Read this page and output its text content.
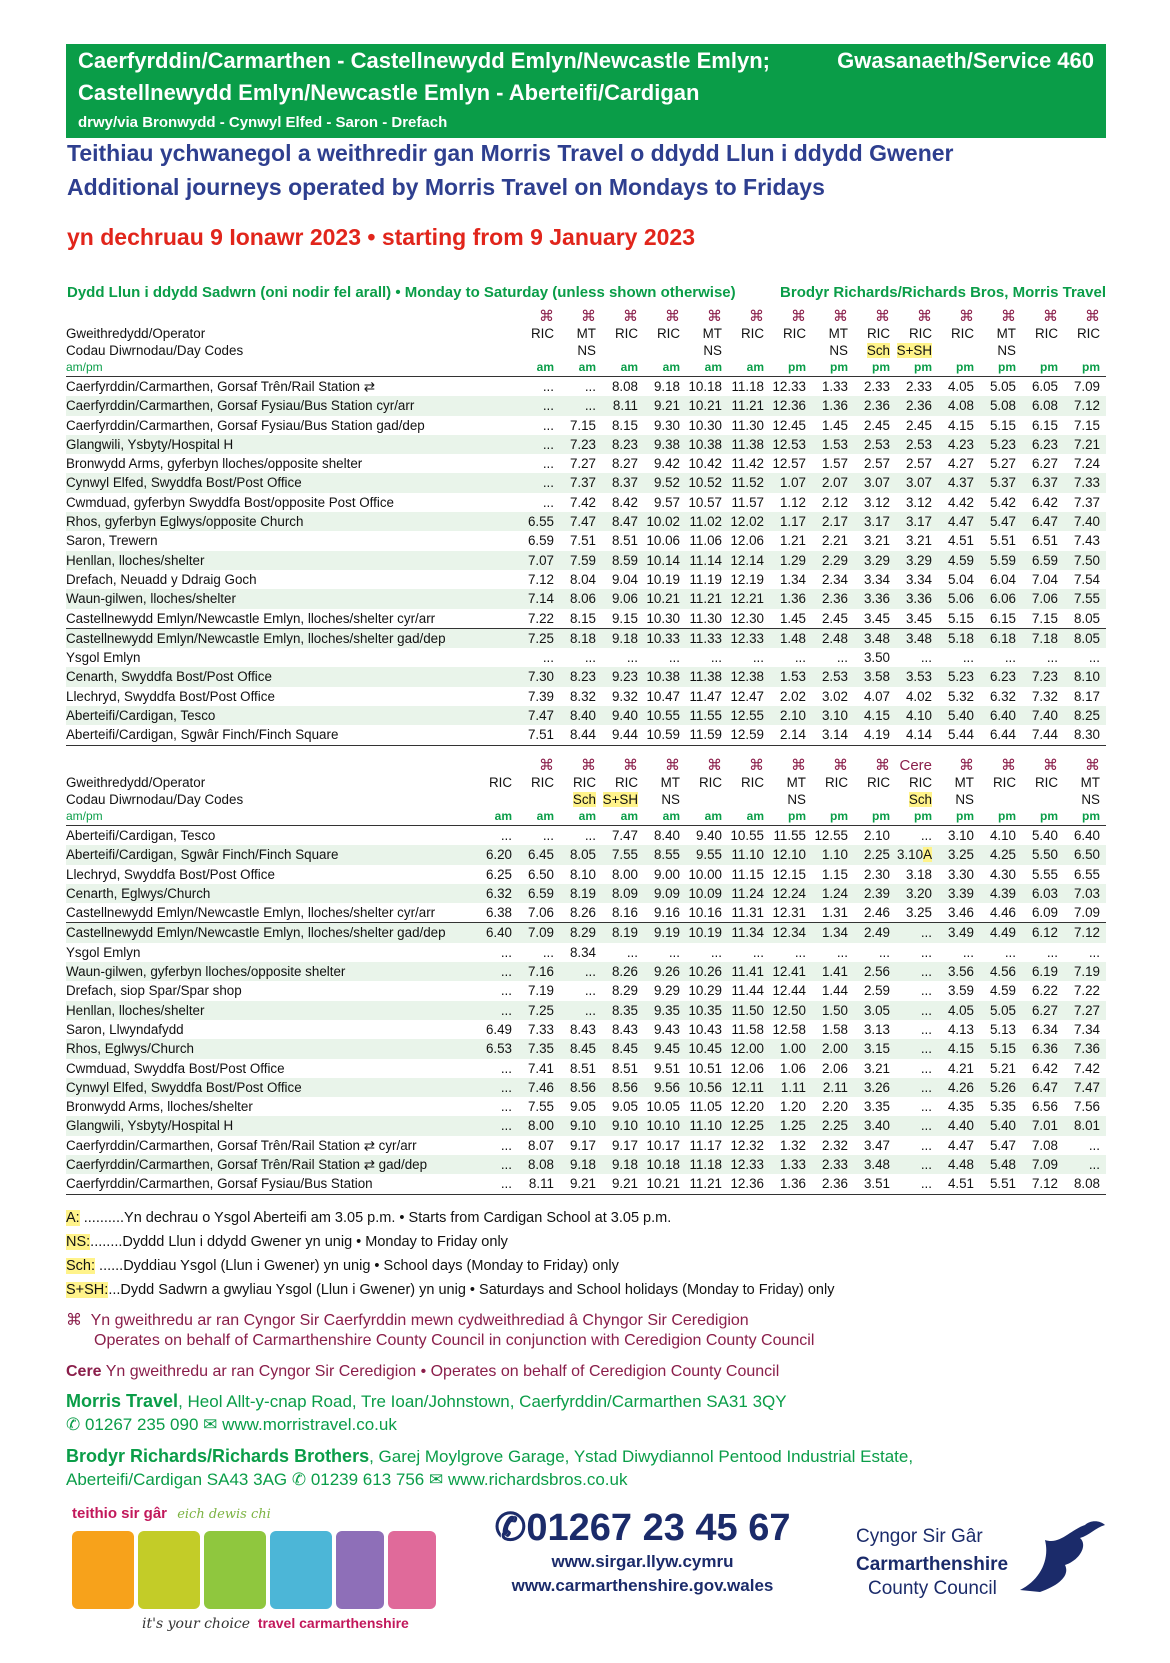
Caerfyrddin/Carmarthen - Castellnewydd Emlyn/Newcastle Emlyn;
Castellnewydd Emlyn/Newcastle Emlyn - Aberteifi/Cardigan
drwy/via Bronwydd - Cynwyl Elfed - Saron - Drefach
Gwasanaeth/Service 460
Teithiau ychwanegol a weithredir gan Morris Travel o ddydd Llun i ddydd Gwener
Additional journeys operated by Morris Travel on Mondays to Fridays
yn dechruau 9 Ionawr 2023 • starting from 9 January 2023
Dydd Llun i ddydd Sadwrn (oni nodir fel arall) • Monday to Saturday (unless shown otherwise)	Brodyr Richards/Richards Bros, Morris Travel
	⌘	⌘	⌘	⌘	⌘	⌘	⌘	⌘	⌘	⌘	⌘	⌘	⌘	⌘
Gweithredydd/Operator	RIC	MT	RIC	RIC	MT	RIC	RIC	MT	RIC	RIC	RIC	MT	RIC	RIC
Codau Diwrnodau/Day Codes		NS			NS			NS	Sch	S+SH		NS		
am/pm	am	am	am	am	am	am	pm	pm	pm	pm	pm	pm	pm	pm
Caerfyrddin/Carmarthen, Gorsaf Trên/Rail Station ⇄	...	...	8.08	9.18	10.18	11.18	12.33	1.33	2.33	2.33	4.05	5.05	6.05	7.09
Caerfyrddin/Carmarthen, Gorsaf Fysiau/Bus Station cyr/arr	...	...	8.11	9.21	10.21	11.21	12.36	1.36	2.36	2.36	4.08	5.08	6.08	7.12
Caerfyrddin/Carmarthen, Gorsaf Fysiau/Bus Station gad/dep	...	7.15	8.15	9.30	10.30	11.30	12.45	1.45	2.45	2.45	4.15	5.15	6.15	7.15
Glangwili, Ysbyty/Hospital H	...	7.23	8.23	9.38	10.38	11.38	12.53	1.53	2.53	2.53	4.23	5.23	6.23	7.21
Bronwydd Arms, gyferbyn lloches/opposite shelter	...	7.27	8.27	9.42	10.42	11.42	12.57	1.57	2.57	2.57	4.27	5.27	6.27	7.24
Cynwyl Elfed, Swyddfa Bost/Post Office	...	7.37	8.37	9.52	10.52	11.52	1.07	2.07	3.07	3.07	4.37	5.37	6.37	7.33
Cwmduad, gyferbyn Swyddfa Bost/opposite Post Office	...	7.42	8.42	9.57	10.57	11.57	1.12	2.12	3.12	3.12	4.42	5.42	6.42	7.37
Rhos, gyferbyn Eglwys/opposite Church	6.55	7.47	8.47	10.02	11.02	12.02	1.17	2.17	3.17	3.17	4.47	5.47	6.47	7.40
Saron, Trewern	6.59	7.51	8.51	10.06	11.06	12.06	1.21	2.21	3.21	3.21	4.51	5.51	6.51	7.43
Henllan, lloches/shelter	7.07	7.59	8.59	10.14	11.14	12.14	1.29	2.29	3.29	3.29	4.59	5.59	6.59	7.50
Drefach, Neuadd y Ddraig Goch	7.12	8.04	9.04	10.19	11.19	12.19	1.34	2.34	3.34	3.34	5.04	6.04	7.04	7.54
Waun-gilwen, lloches/shelter	7.14	8.06	9.06	10.21	11.21	12.21	1.36	2.36	3.36	3.36	5.06	6.06	7.06	7.55
Castellnewydd Emlyn/Newcastle Emlyn, lloches/shelter cyr/arr	7.22	8.15	9.15	10.30	11.30	12.30	1.45	2.45	3.45	3.45	5.15	6.15	7.15	8.05
Castellnewydd Emlyn/Newcastle Emlyn, lloches/shelter gad/dep	7.25	8.18	9.18	10.33	11.33	12.33	1.48	2.48	3.48	3.48	5.18	6.18	7.18	8.05
Ysgol Emlyn	...	...	...	...	...	...	...	...	3.50	...	...	...	...	...
Cenarth, Swyddfa Bost/Post Office	7.30	8.23	9.23	10.38	11.38	12.38	1.53	2.53	3.58	3.53	5.23	6.23	7.23	8.10
Llechryd, Swyddfa Bost/Post Office	7.39	8.32	9.32	10.47	11.47	12.47	2.02	3.02	4.07	4.02	5.32	6.32	7.32	8.17
Aberteifi/Cardigan, Tesco	7.47	8.40	9.40	10.55	11.55	12.55	2.10	3.10	4.15	4.10	5.40	6.40	7.40	8.25
Aberteifi/Cardigan, Sgwâr Finch/Finch Square	7.51	8.44	9.44	10.59	11.59	12.59	2.14	3.14	4.19	4.14	5.44	6.44	7.44	8.30
		⌘	⌘	⌘	⌘	⌘	⌘	⌘	⌘	⌘	Cere	⌘	⌘	⌘	⌘
Gweithredydd/Operator	RIC	RIC	RIC	RIC	MT	RIC	RIC	MT	RIC	RIC	RIC	MT	RIC	RIC	MT
Codau Diwrnodau/Day Codes			Sch	S+SH	NS			NS			Sch	NS			NS
am/pm	am	am	am	am	am	am	am	pm	pm	pm	pm	pm	pm	pm	pm
Aberteifi/Cardigan, Tesco	...	...	...	7.47	8.40	9.40	10.55	11.55	12.55	2.10	...	3.10	4.10	5.40	6.40
Aberteifi/Cardigan, Sgwâr Finch/Finch Square	6.20	6.45	8.05	7.55	8.55	9.55	11.10	12.10	1.10	2.25	3.10A	3.25	4.25	5.50	6.50
Llechryd, Swyddfa Bost/Post Office	6.25	6.50	8.10	8.00	9.00	10.00	11.15	12.15	1.15	2.30	3.18	3.30	4.30	5.55	6.55
Cenarth, Eglwys/Church	6.32	6.59	8.19	8.09	9.09	10.09	11.24	12.24	1.24	2.39	3.20	3.39	4.39	6.03	7.03
Castellnewydd Emlyn/Newcastle Emlyn, lloches/shelter cyr/arr	6.38	7.06	8.26	8.16	9.16	10.16	11.31	12.31	1.31	2.46	3.25	3.46	4.46	6.09	7.09
Castellnewydd Emlyn/Newcastle Emlyn, lloches/shelter gad/dep	6.40	7.09	8.29	8.19	9.19	10.19	11.34	12.34	1.34	2.49	...	3.49	4.49	6.12	7.12
Ysgol Emlyn	...	...	8.34	...	...	...	...	...	...	...	...	...	...	...	...
Waun-gilwen, gyferbyn lloches/opposite shelter	...	7.16	...	8.26	9.26	10.26	11.41	12.41	1.41	2.56	...	3.56	4.56	6.19	7.19
Drefach, siop Spar/Spar shop	...	7.19	...	8.29	9.29	10.29	11.44	12.44	1.44	2.59	...	3.59	4.59	6.22	7.22
Henllan, lloches/shelter	...	7.25	...	8.35	9.35	10.35	11.50	12.50	1.50	3.05	...	4.05	5.05	6.27	7.27
Saron, Llwyndafydd	6.49	7.33	8.43	8.43	9.43	10.43	11.58	12.58	1.58	3.13	...	4.13	5.13	6.34	7.34
Rhos, Eglwys/Church	6.53	7.35	8.45	8.45	9.45	10.45	12.00	1.00	2.00	3.15	...	4.15	5.15	6.36	7.36
Cwmduad, Swyddfa Bost/Post Office	...	7.41	8.51	8.51	9.51	10.51	12.06	1.06	2.06	3.21	...	4.21	5.21	6.42	7.42
Cynwyl Elfed, Swyddfa Bost/Post Office	...	7.46	8.56	8.56	9.56	10.56	12.11	1.11	2.11	3.26	...	4.26	5.26	6.47	7.47
Bronwydd Arms, lloches/shelter	...	7.55	9.05	9.05	10.05	11.05	12.20	1.20	2.20	3.35	...	4.35	5.35	6.56	7.56
Glangwili, Ysbyty/Hospital H	...	8.00	9.10	9.10	10.10	11.10	12.25	1.25	2.25	3.40	...	4.40	5.40	7.01	8.01
Caerfyrddin/Carmarthen, Gorsaf Trên/Rail Station ⇄ cyr/arr	...	8.07	9.17	9.17	10.17	11.17	12.32	1.32	2.32	3.47	...	4.47	5.47	7.08	...
Caerfyrddin/Carmarthen, Gorsaf Trên/Rail Station ⇄ gad/dep	...	8.08	9.18	9.18	10.18	11.18	12.33	1.33	2.33	3.48	...	4.48	5.48	7.09	...
Caerfyrddin/Carmarthen, Gorsaf Fysiau/Bus Station	...	8.11	9.21	9.21	10.21	11.21	12.36	1.36	2.36	3.51	...	4.51	5.51	7.12	8.08
A: ..........Yn dechrau o Ysgol Aberteifi am 3.05 p.m. • Starts from Cardigan School at 3.05 p.m.
NS:........Dyddd Llun i ddydd Gwener yn unig • Monday to Friday only
Sch: ......Dyddiau Ysgol (Llun i Gwener) yn unig • School days (Monday to Friday) only
S+SH:...Dydd Sadwrn a gwyliau Ysgol (Llun i Gwener) yn unig • Saturdays and School holidays (Monday to Friday) only
⌘ Yn gweithredu ar ran Cyngor Sir Caerfyrddin mewn cydweithrediad â Chyngor Sir Ceredigion
Operates on behalf of Carmarthenshire County Council in conjunction with Ceredigion County Council
Cere Yn gweithredu ar ran Cyngor Sir Ceredigion • Operates on behalf of Ceredigion County Council
Morris Travel, Heol Allt-y-cnap Road, Tre Ioan/Johnstown, Caerfyrddin/Carmarthen SA31 3QY
✆ 01267 235 090 ✉ www.morristravel.co.uk
Brodyr Richards/Richards Brothers, Garej Moylgrove Garage, Ystad Diwydiannol Pentood Industrial Estate,
Aberteifi/Cardigan SA43 3AG ✆ 01239 613 756 ✉ www.richardsbros.co.uk
teithio sir gâr eich dewis chi
it's your choice travel carmarthenshire
✆01267 23 45 67
www.sirgar.llyw.cymru
www.carmarthenshire.gov.wales
Cyngor Sir Gâr
Carmarthenshire
County Council
